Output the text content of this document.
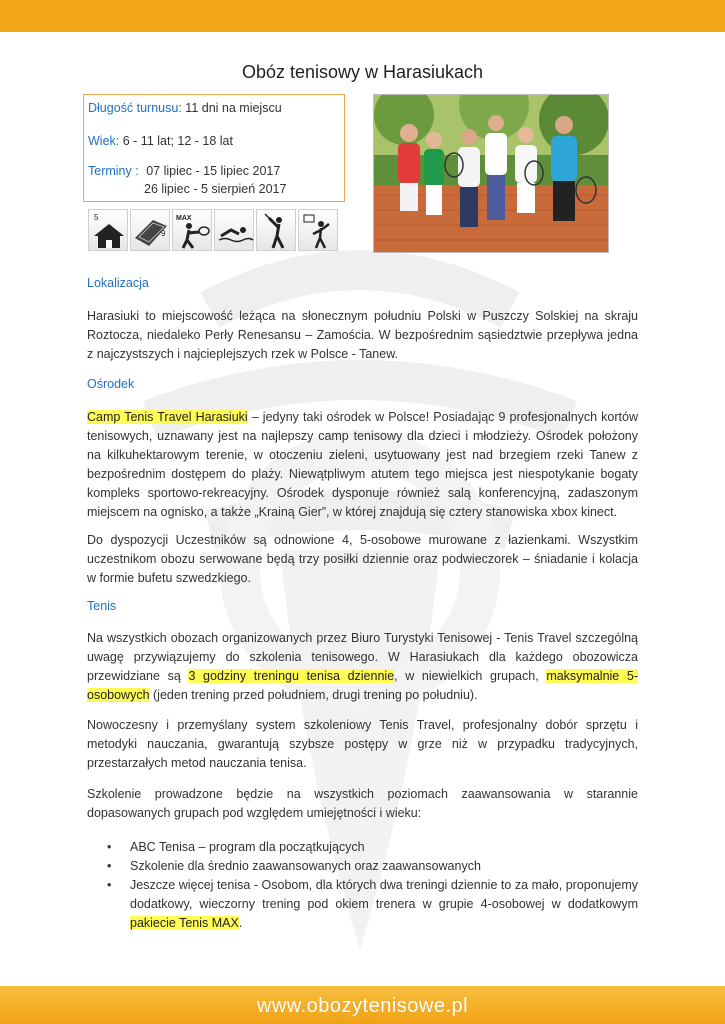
Obóz tenisowy w Harasiukach
Długość turnusu: 11 dni na miejscu
Wiek: 6 - 11 lat; 12 - 18 lat
Terminy : 07 lipiec - 15 lipiec 2017
26 lipiec - 5 sierpień 2017
5
9
MAX
Lokalizacja
Harasiuki to miejscowość leżąca na słonecznym południu Polski w Puszczy Solskiej na skraju Roztocza, niedaleko Perły Renesansu – Zamościa. W bezpośrednim sąsiedztwie przepływa jedna z najczystszych i najcieplejszych rzek w Polsce - Tanew.
Ośrodek
Camp Tenis Travel Harasiuki – jedyny taki ośrodek w Polsce! Posiadając 9 profesjonalnych kortów tenisowych, uznawany jest na najlepszy camp tenisowy dla dzieci i młodzieży. Ośrodek położony na kilkuhektarowym terenie, w otoczeniu zieleni, usytuowany jest nad brzegiem rzeki Tanew z bezpośrednim dostępem do plaży. Niewątpliwym atutem tego miejsca jest niespotykanie bogaty kompleks sportowo-rekreacyjny. Ośrodek dysponuje również salą konferencyjną, zadaszonym miejscem na ognisko, a także „Krainą Gier”, w której znajdują się cztery stanowiska xbox kinect.
Do dyspozycji Uczestników są odnowione 4, 5-osobowe murowane z łazienkami. Wszystkim uczestnikom obozu serwowane będą trzy posiłki dziennie oraz podwieczorek – śniadanie i kolacja w formie bufetu szwedzkiego.
Tenis
Na wszystkich obozach organizowanych przez Biuro Turystyki Tenisowej - Tenis Travel szczególną uwagę przywiązujemy do szkolenia tenisowego. W Harasiukach dla każdego obozowicza przewidziane są 3 godziny treningu tenisa dziennie, w niewielkich grupach, maksymalnie 5-osobowych (jeden trening przed południem, drugi trening po południu).
Nowoczesny i przemyślany system szkoleniowy Tenis Travel, profesjonalny dobór sprzętu i metodyki nauczania, gwarantują szybsze postępy w grze niż w przypadku tradycyjnych, przestarzałych metod nauczania tenisa.
Szkolenie prowadzone będzie na wszystkich poziomach zaawansowania w starannie dopasowanych grupach pod względem umiejętności i wieku:
• ABC Tenisa – program dla początkujących
• Szkolenie dla średnio zaawansowanych oraz zaawansowanych
• Jeszcze więcej tenisa - Osobom, dla których dwa treningi dziennie to za mało, proponujemy dodatkowy, wieczorny trening pod okiem trenera w grupie 4-osobowej w dodatkowym pakiecie Tenis MAX.
www.obozytenisowe.pl
